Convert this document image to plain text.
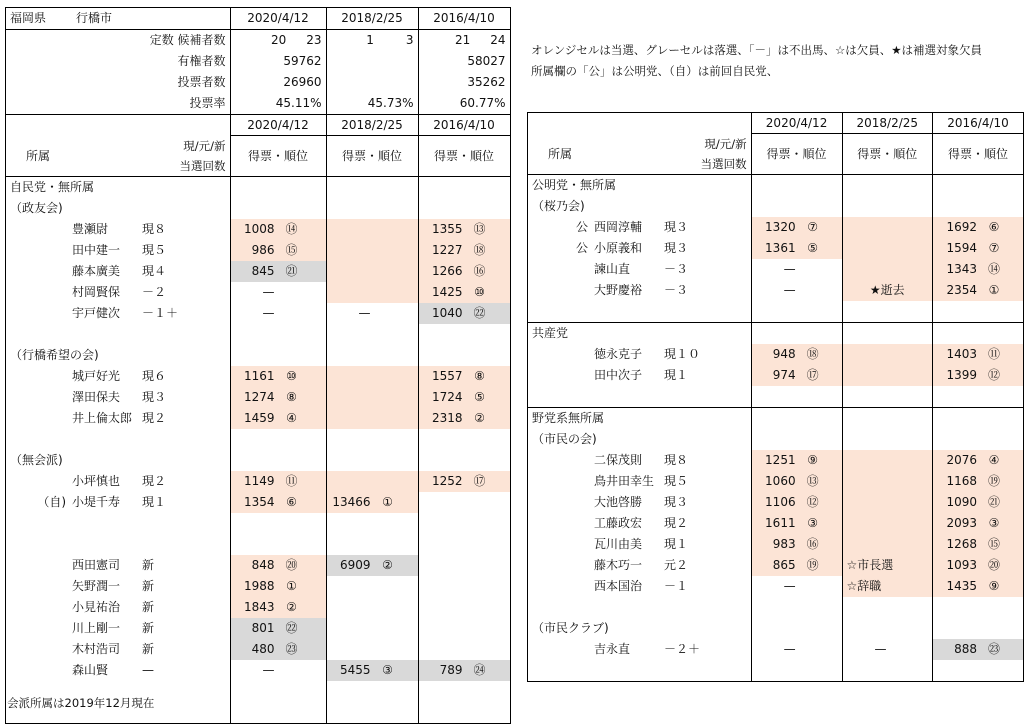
福岡県 行橋市		2020/4/12	2018/2/25	2016/4/10
定数 候補者数		20 23	1 3	21 24
有権者数		59762		58027
投票者数		26960		35262
投票率		45.11%	45.73%	60.77%
		2020/4/12	2018/2/25	2016/4/10
所属	現/元/新
当選回数	得票・順位	得票・順位	得票・順位
自民党・無所属				
（政友会)				
豊瀬尉	現８	1008 ⑭		1355 ⑬
田中建一	現５	986 ⑮		1227 ⑱
藤本廣美	現４	845 ㉑		1266 ⑯
村岡賢保	－２	—		1425 ⑩
宇戸健次	－１＋	—	—	1040 ㉒

（行橋希望の会)				
城戸好光	現６	1161 ⑩		1557 ⑧
澤田保夫	現３	1274 ⑧		1724 ⑤
井上倫太郎	現２	1459 ④		2318 ②

（無会派)				
小坪慎也	現２	1149 ⑪		1252 ⑰
（自) 小堤千寿	現１	1354 ⑥	13466 ①	

西田憲司	新	848 ⑳	6909 ②	
矢野潤一	新	1988 ①		
小見祐治	新	1843 ②		
川上剛一	新	801 ㉒		
木村浩司	新	480 ㉓		
森山賢	—	—	5455 ③	789 ㉔

会派所属は2019年12月現在
オレンジセルは当選、グレーセルは落選、「－」は不出馬、☆は欠員、★は補選対象欠員
所属欄の「公」は公明党、（自）は前回自民党、
		2020/4/12	2018/2/25	2016/4/10
所属	現/元/新
当選回数	得票・順位	得票・順位	得票・順位
公明党・無所属				
（桜乃会)				
公 西岡淳輔	現３	1320 ⑦		1692 ⑥
公 小原義和	現３	1361 ⑤		1594 ⑦
諫山直	－３	—		1343 ⑭
大野慶裕	－３	—	★逝去	2354 ①

共産党				
徳永克子	現１０	948 ⑱		1403 ⑪
田中次子	現１	974 ⑰		1399 ⑫

野党系無所属				
（市民の会)				
二保茂則	現８	1251 ⑨		2076 ④
鳥井田幸生	現５	1060 ⑬		1168 ⑲
大池啓勝	現３	1106 ⑫		1090 ㉑
工藤政宏	現２	1611 ③		2093 ③
瓦川由美	現１	983 ⑯		1268 ⑮
藤木巧一	元２	865 ⑲	☆市長選	1093 ⑳
西本国治	－１	—	☆辞職	1435 ⑨

（市民クラブ)				
吉永直	－２＋	—	—	888 ㉓
